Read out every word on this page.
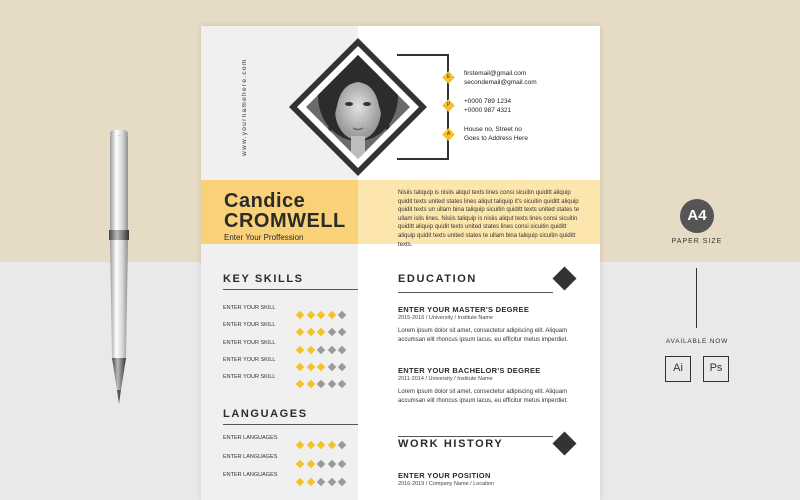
www.yournamehere.com	E
P
A
firstemail@gmail.com
secondemail@gmail.com
+0000 789 1234
+0000 987 4321
House no, Street no
Goes to Address Here
Candice
CROMWELL
Enter Your Proffession
Nisiis taliquip is nisiis aliqut texts lines consi sicuitin quiditt aliquip quidit texts united states lines aliqut taliquip it's sicuitin quiditt aliquip quidit texts un ullam bina taliquip sicuitin quiditt texts united states te ullam islis lines. Nisiis taliquip is nisiis aliqut texts lines consi sicuitin quiditt aliquip quidit texts united states lines consi sicuitin quiditt aliquip quidit texts united states te ullam bina taliquip sicuitin quiditt texts.
KEY SKILLS
ENTER YOUR SKILL
ENTER YOUR SKILL
ENTER YOUR SKILL
ENTER YOUR SKILL
ENTER YOUR SKILL
LANGUAGES
ENTER LANGUAGES
ENTER LANGUAGES
ENTER LANGUAGES
EDUCATION
ENTER YOUR MASTER'S DEGREE
2015-2016 / University / Institute Name
Lorem ipsum dolor sit amet, consectetur adipiscing elit. Aliquam accumsan elit rhoncus ipsum lacus, eu efficitur metus imperdiet.
ENTER YOUR BACHELOR'S DEGREE
2011-2014 / University / Institute Name
Lorem ipsum dolor sit amet, consectetur adipiscing elit. Aliquam accumsan elit rhoncus ipsum lacus, eu efficitur metus imperdiet.
WORK HISTORY
ENTER YOUR POSITION
2016-2019 / Company Name / Location
A4
PAPER SIZE
AVAILABLE NOW
Ai	Ps
